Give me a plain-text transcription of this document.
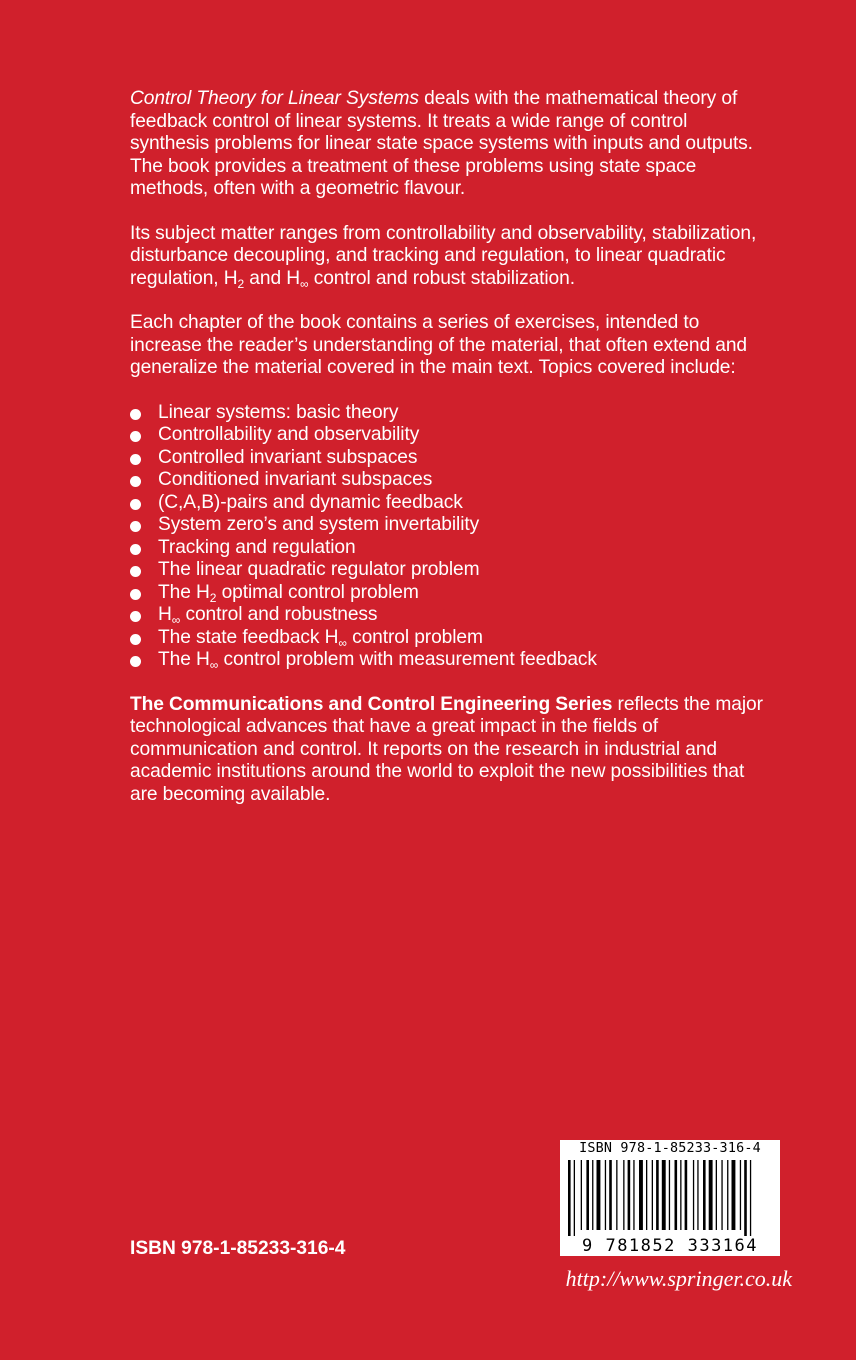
Control Theory for Linear Systems deals with the mathematical theory of feedback control of linear systems. It treats a wide range of control synthesis problems for linear state space systems with inputs and outputs. The book provides a treatment of these problems using state space methods, often with a geometric flavour.

Its subject matter ranges from controllability and observability, stabilization, disturbance decoupling, and tracking and regulation, to linear quadratic regulation, $H_2$ and $H_\infty$ control and robust stabilization.

Each chapter of the book contains a series of exercises, intended to increase the reader’s understanding of the material, that often extend and generalize the material covered in the main text. Topics covered include:

Linear systems: basic theory
Controllability and observability
Controlled invariant subspaces
Conditioned invariant subspaces
(C,A,B)-pairs and dynamic feedback
System zero’s and system invertability
Tracking and regulation
The linear quadratic regulator problem
The $H_2$ optimal control problem
$H_\infty$ control and robustness
The state feedback $H_\infty$ control problem
The $H_\infty$ control problem with measurement feedback

The Communications and Control Engineering Series reflects the major technological advances that have a great impact in the fields of communication and control. It reports on the research in industrial and academic institutions around the world to exploit the new possibilities that are becoming available.

ISBN 978-1-85233-316-4
ISBN 978-1-85233-316-4
9 781852 333164
http://www.springer.co.uk
